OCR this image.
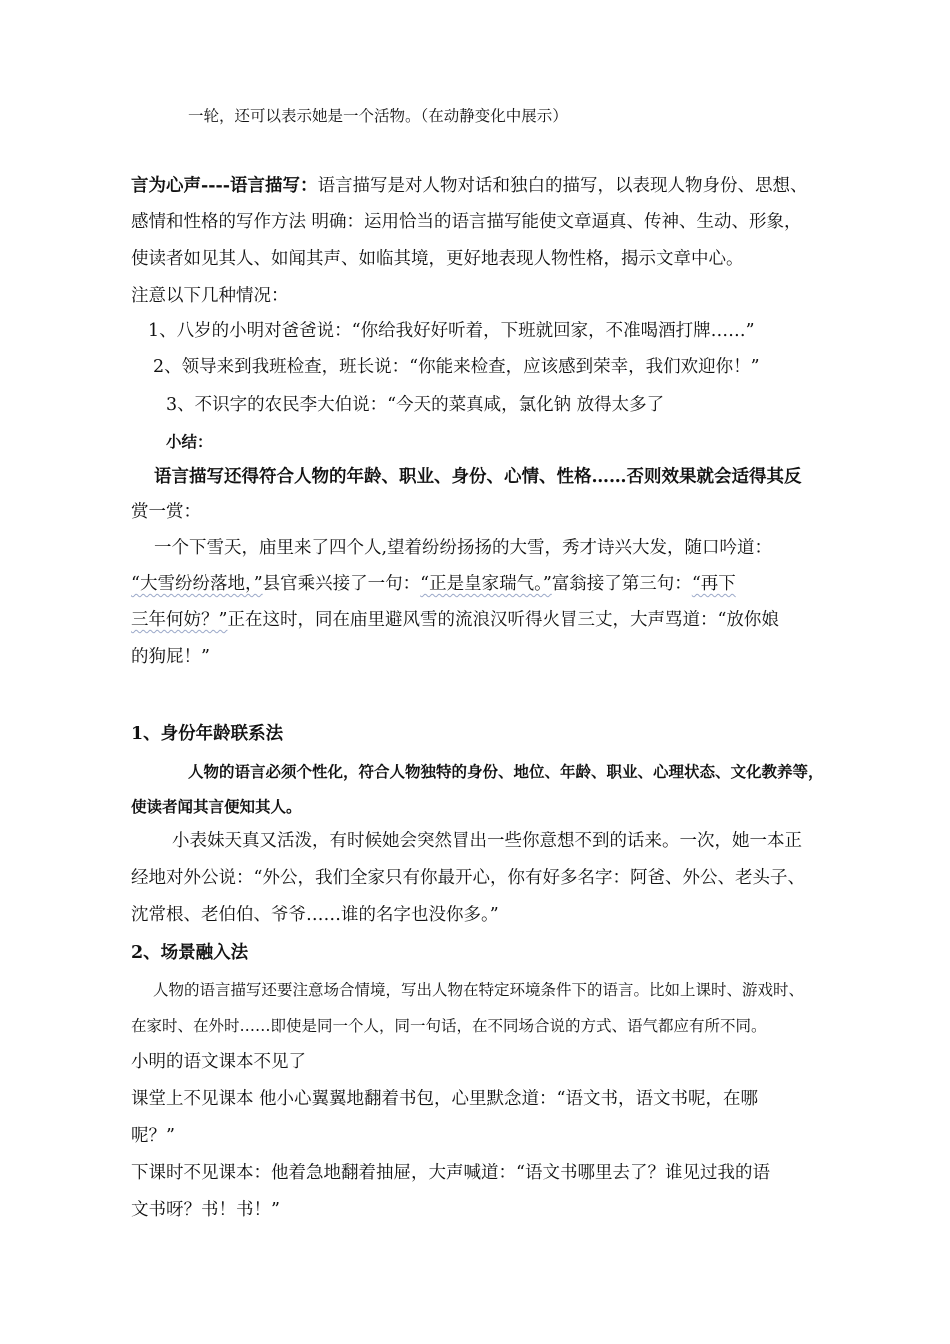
一轮，还可以表示她是一个活物。（在动静变化中展示）
言为心声----语言描写：语言描写是对人物对话和独白的描写，以表现人物身份、思想、
感情和性格的写作方法 明确：运用恰当的语言描写能使文章逼真、传神、生动、形象，
使读者如见其人、如闻其声、如临其境，更好地表现人物性格，揭示文章中心。
注意以下几种情况：
1、八岁的小明对爸爸说：“你给我好好听着，下班就回家，不准喝酒打牌……”
2、领导来到我班检查，班长说：“你能来检查，应该感到荣幸，我们欢迎你！”
3、不识字的农民李大伯说：“今天的菜真咸，氯化钠 放得太多了
小结：
语言描写还得符合人物的年龄、职业、身份、心情、性格……否则效果就会适得其反
赏一赏：
一个下雪天，庙里来了四个人,望着纷纷扬扬的大雪，秀才诗兴大发，随口吟道：
“大雪纷纷落地，”县官乘兴接了一句：“正是皇家瑞气。”富翁接了第三句：“再下
三年何妨？”正在这时，同在庙里避风雪的流浪汉听得火冒三丈，大声骂道：“放你娘
的狗屁！”
1、身份年龄联系法
人物的语言必须个性化，符合人物独特的身份、地位、年龄、职业、心理状态、文化教养等，
使读者闻其言便知其人。
小表妹天真又活泼，有时候她会突然冒出一些你意想不到的话来。一次，她一本正
经地对外公说：“外公，我们全家只有你最开心，你有好多名字：阿爸、外公、老头子、
沈常根、老伯伯、爷爷……谁的名字也没你多。”
2、场景融入法
人物的语言描写还要注意场合情境，写出人物在特定环境条件下的语言。比如上课时、游戏时、
在家时、在外时……即使是同一个人，同一句话，在不同场合说的方式、语气都应有所不同。
小明的语文课本不见了
课堂上不见课本 他小心翼翼地翻着书包，心里默念道：“语文书，语文书呢，在哪
呢？”
下课时不见课本：他着急地翻着抽屉，大声喊道：“语文书哪里去了？谁见过我的语
文书呀？书！书！”
